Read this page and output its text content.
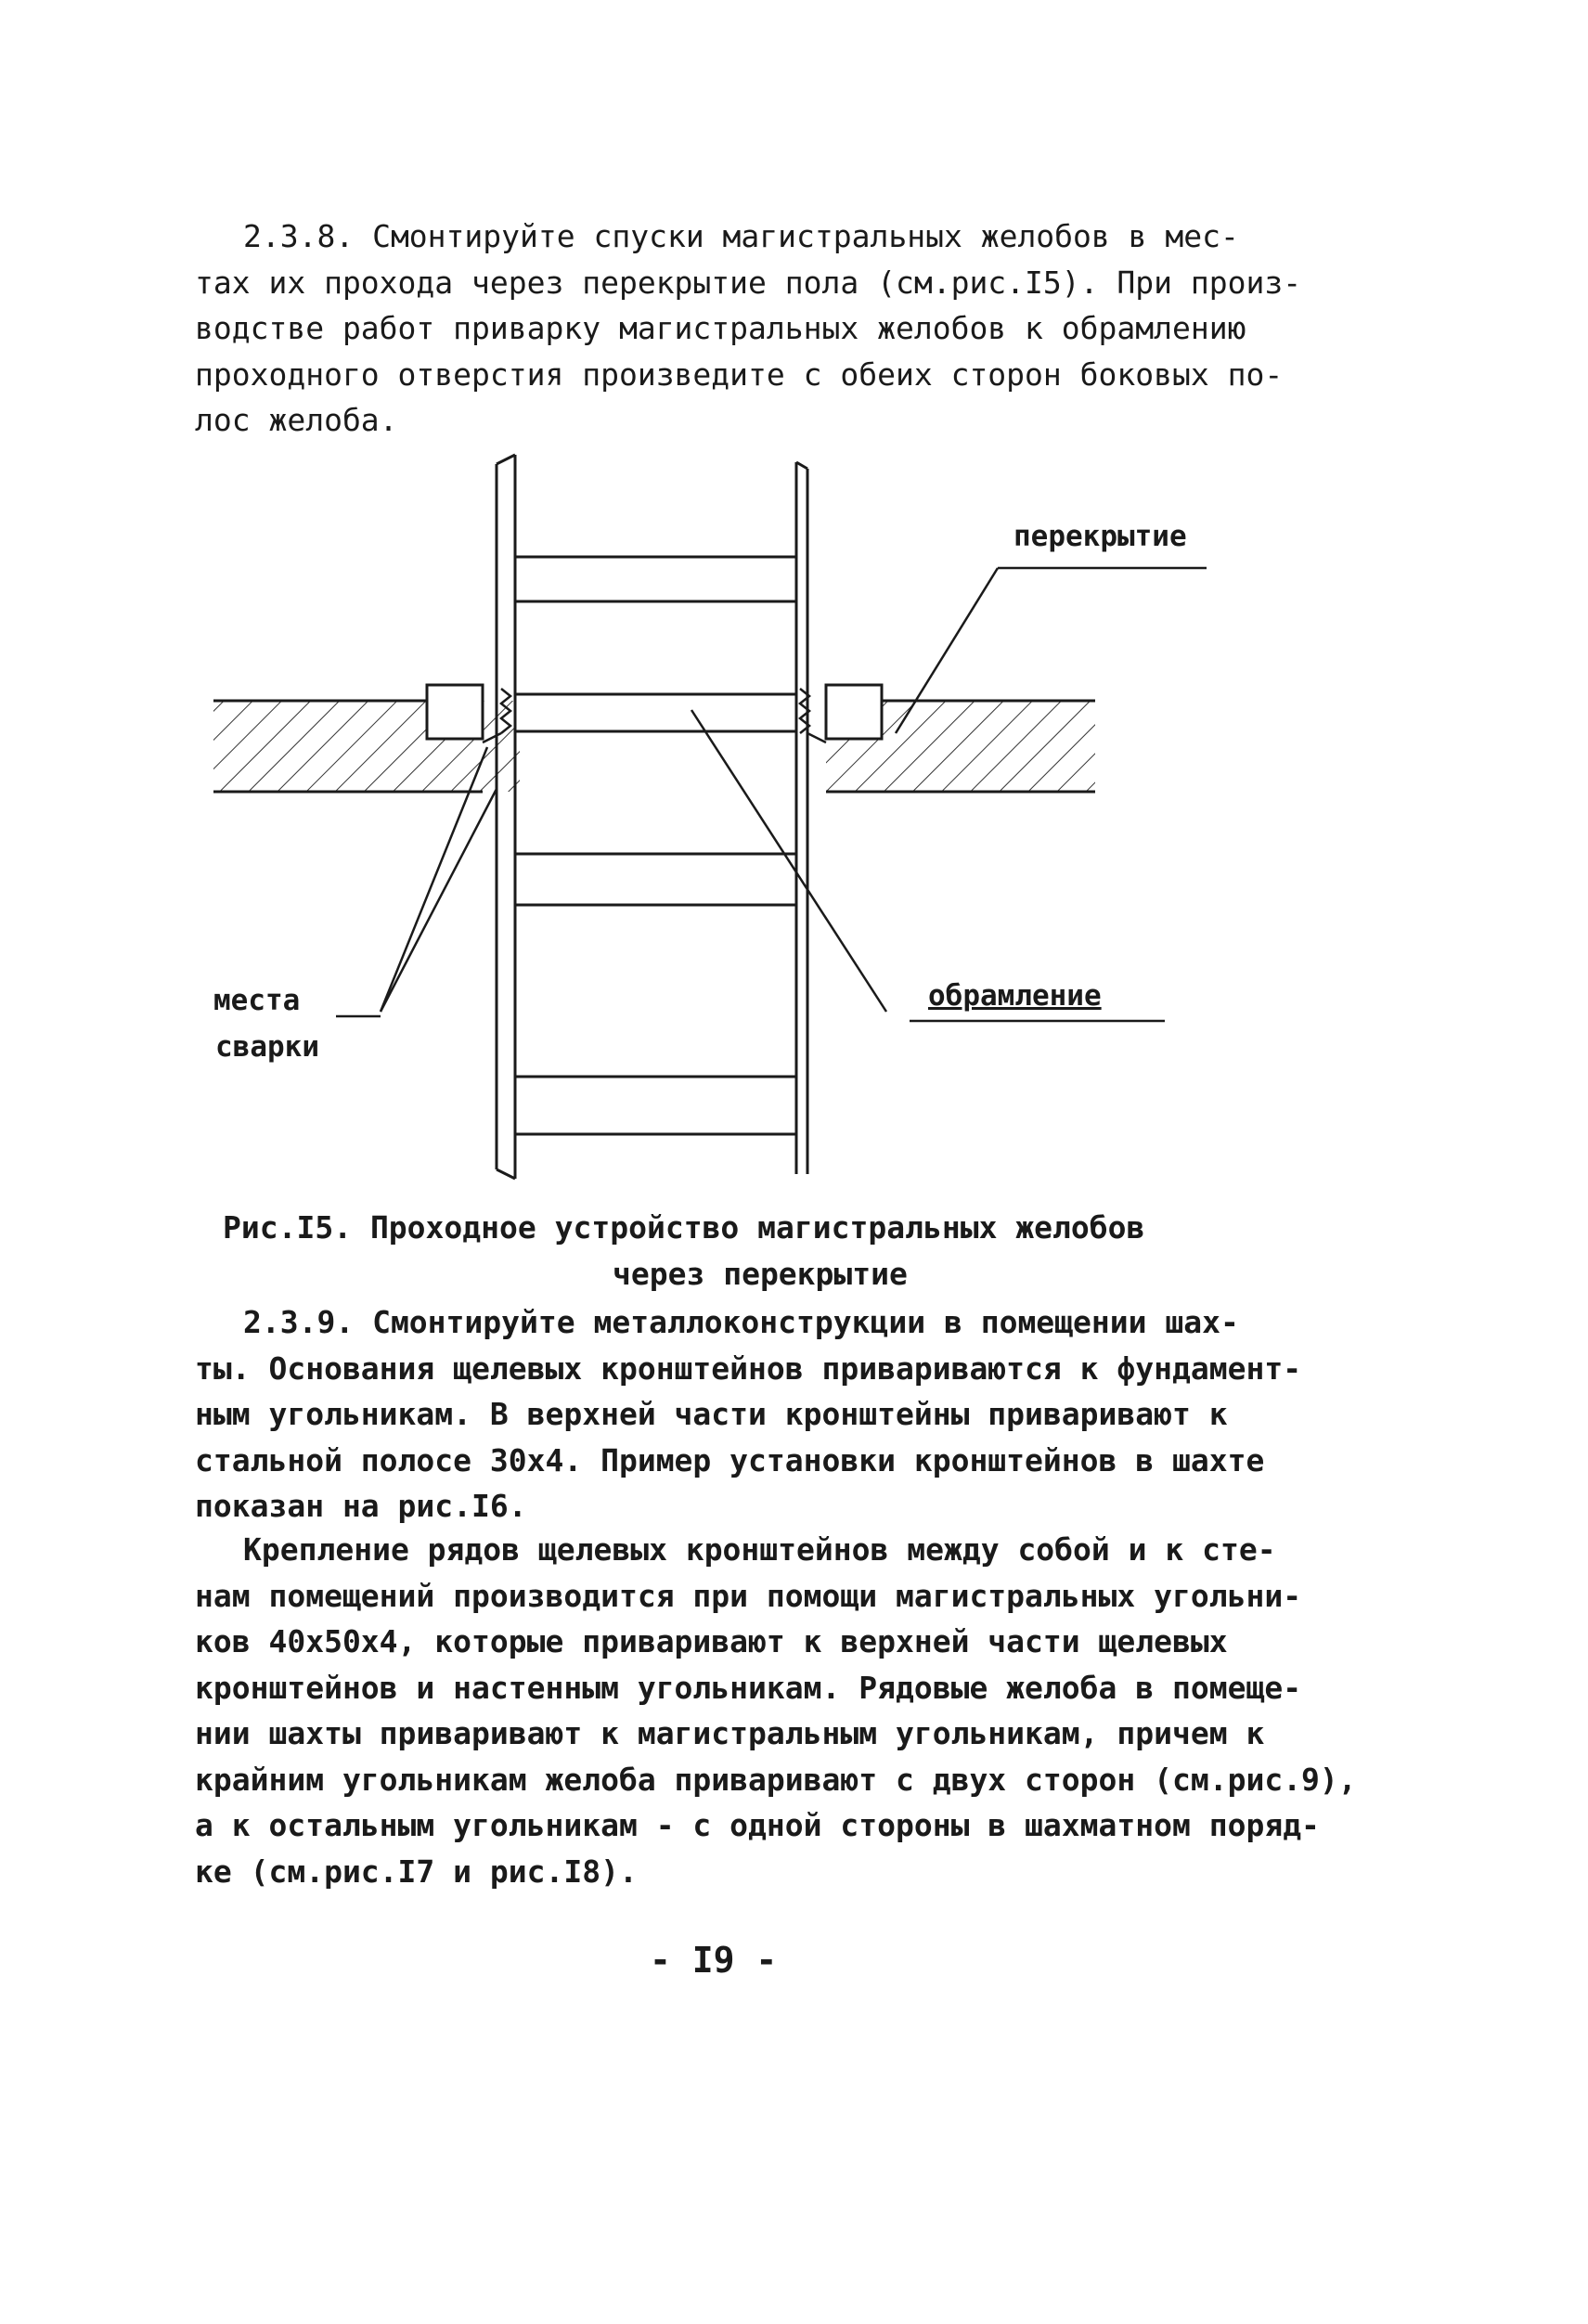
2.3.8. Смонтируйте спуски магистральных желобов в мес-
тах их прохода через перекрытие пола (см.рис.I5). При произ-
водстве работ приварку магистральных желобов к обрамлению
проходного отверстия произведите с обеих сторон боковых по-
лос желоба.
перекрытие
места
сварки
обрамление
Рис.I5. Проходное устройство магистральных желобов
через перекрытие
2.3.9. Смонтируйте металлоконструкции в помещении шах-
ты. Основания щелевых кронштейнов привариваются к фундамент-
ным угольникам. В верхней части кронштейны приваривают к
стальной полосе 30х4. Пример установки кронштейнов в шахте
показан на рис.I6.
Крепление рядов щелевых кронштейнов между собой и к сте-
нам помещений производится при помощи магистральных угольни-
ков 40х50х4, которые приваривают к верхней части щелевых
кронштейнов и настенным угольникам. Рядовые желоба в помеще-
нии шахты приваривают к магистральным угольникам, причем к
крайним угольникам желоба приваривают с двух сторон (см.рис.9),
а к остальным угольникам - с одной стороны в шахматном поряд-
ке (см.рис.I7 и рис.I8).
- I9 -
